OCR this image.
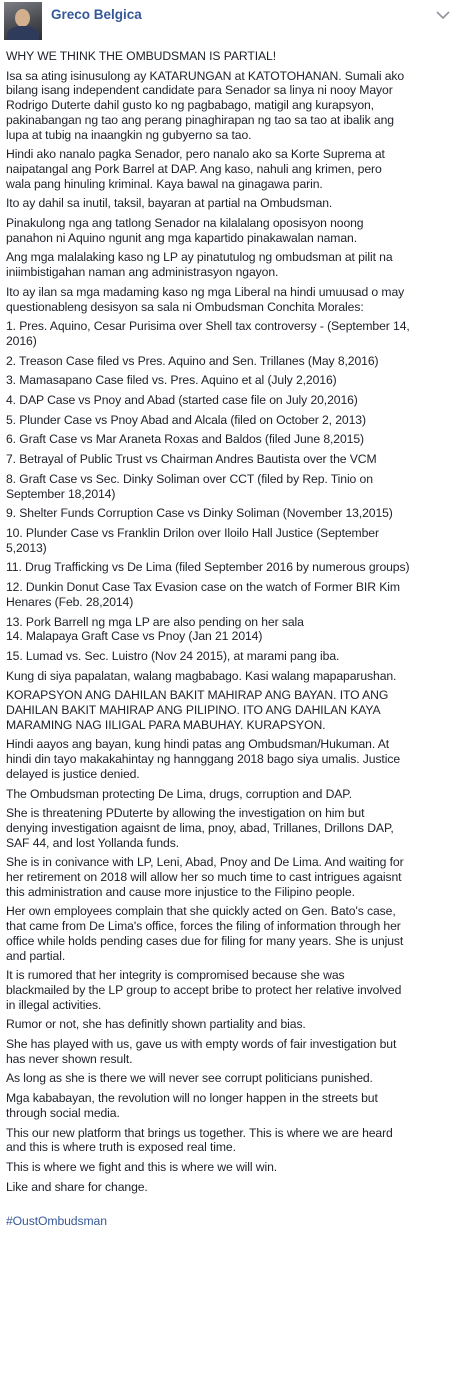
Greco Belgica

WHY WE THINK THE OMBUDSMAN IS PARTIAL!

Isa sa ating isinusulong ay KATARUNGAN at KATOTOHANAN. Sumali ako
bilang isang independent candidate para Senador sa linya ni nooy Mayor
Rodrigo Duterte dahil gusto ko ng pagbabago, matigil ang kurapsyon,
pakinabangan ng tao ang perang pinaghirapan ng tao sa tao at ibalik ang
lupa at tubig na inaangkin ng gubyerno sa tao.

Hindi ako nanalo pagka Senador, pero nanalo ako sa Korte Suprema at
naipatangal ang Pork Barrel at DAP. Ang kaso, nahuli ang krimen, pero
wala pang hinuling kriminal. Kaya bawal na ginagawa parin.

Ito ay dahil sa inutil, taksil, bayaran at partial na Ombudsman.

Pinakulong nga ang tatlong Senador na kilalalang oposisyon noong
panahon ni Aquino ngunit ang mga kapartido pinakawalan naman.

Ang mga malalaking kaso ng LP ay pinatutulog ng ombudsman at pilit na
iniimbistigahan naman ang administrasyon ngayon.

Ito ay ilan sa mga madaming kaso ng mga Liberal na hindi umuusad o may
questionableng desisyon sa sala ni Ombudsman Conchita Morales:

1. Pres. Aquino, Cesar Purisima over Shell tax controversy - (September 14,
2016)

2. Treason Case filed vs Pres. Aquino and Sen. Trillanes (May 8,2016)

3. Mamasapano Case filed vs. Pres. Aquino et al (July 2,2016)

4. DAP Case vs Pnoy and Abad (started case file on July 20,2016)

5. Plunder Case vs Pnoy Abad and Alcala (filed on October 2, 2013)

6. Graft Case vs Mar Araneta Roxas and Baldos (filed June 8,2015)

7. Betrayal of Public Trust vs Chairman Andres Bautista over the VCM

8. Graft Case vs Sec. Dinky Soliman over CCT (filed by Rep. Tinio on
September 18,2014)

9. Shelter Funds Corruption Case vs Dinky Soliman (November 13,2015)

10. Plunder Case vs Franklin Drilon over Iloilo Hall Justice (September
5,2013)

11. Drug Trafficking vs De Lima (filed September 2016 by numerous groups)

12. Dunkin Donut Case Tax Evasion case on the watch of Former BIR Kim
Henares (Feb. 28,2014)

13. Pork Barrell ng mga LP are also pending on her sala
14. Malapaya Graft Case vs Pnoy (Jan 21 2014)

15. Lumad vs. Sec. Luistro (Nov 24 2015), at marami pang iba.

Kung di siya papalatan, walang magbabago. Kasi walang mapaparushan.

KORAPSYON ANG DAHILAN BAKIT MAHIRAP ANG BAYAN. ITO ANG
DAHILAN BAKIT MAHIRAP ANG PILIPINO. ITO ANG DAHILAN KAYA
MARAMING NAG IILIGAL PARA MABUHAY. KURAPSYON.

Hindi aayos ang bayan, kung hindi patas ang Ombudsman/Hukuman. At
hindi din tayo makakahintay ng hannggang 2018 bago siya umalis. Justice
delayed is justice denied.

The Ombudsman protecting De Lima, drugs, corruption and DAP.

She is threatening PDuterte by allowing the investigation on him but
denying investigation agaisnt de lima, pnoy, abad, Trillanes, Drillons DAP,
SAF 44, and lost Yollanda funds.

She is in conivance with LP, Leni, Abad, Pnoy and De Lima. And waiting for
her retirement on 2018 will allow her so much time to cast intrigues agaisnt
this administration and cause more injustice to the Filipino people.

Her own employees complain that she quickly acted on Gen. Bato's case,
that came from De Lima's office, forces the filing of information through her
office while holds pending cases due for filing for many years. She is unjust
and partial.

It is rumored that her integrity is compromised because she was
blackmailed by the LP group to accept bribe to protect her relative involved
in illegal activities.

Rumor or not, she has definitly shown partiality and bias.

She has played with us, gave us with empty words of fair investigation but
has never shown result.

As long as she is there we will never see corrupt politicians punished.

Mga kababayan, the revolution will no longer happen in the streets but
through social media.

This our new platform that brings us together. This is where we are heard
and this is where truth is exposed real time.

This is where we fight and this is where we will win.

Like and share for change.

#OustOmbudsman
